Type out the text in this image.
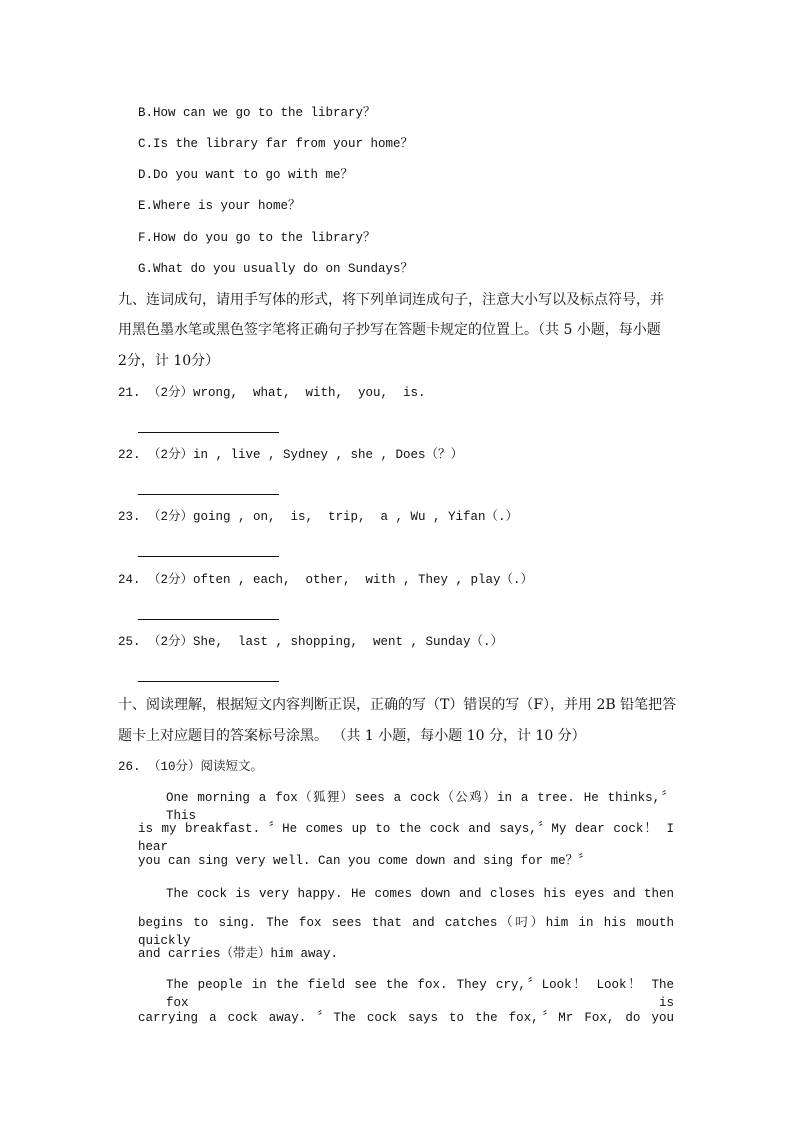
B.How can we go to the library？
C.Is the library far from your home？
D.Do you want to go with me？
E.Where is your home？
F.How do you go to the library？
G.What do you usually do on Sundays？
九、连词成句，请用手写体的形式，将下列单词连成句子，注意大小写以及标点符号，并
用黑色墨水笔或黑色签字笔将正确句子抄写在答题卡规定的位置上。（共 5 小题，每小题
2分，计 10分）
21. （2分）wrong,  what,  with,  you,  is.
22. （2分）in , live , Sydney , she , Does（？）
23. （2分）going , on,  is,  trip,  a , Wu , Yifan（.）
24. （2分）often , each,  other,  with , They , play（.）
25. （2分）She,  last , shopping,  went , Sunday（.）
十、阅读理解，根据短文内容判断正误，正确的写（T）错误的写（F），并用 2B 铅笔把答
题卡上对应题目的答案标号涂黑。 （共 1 小题，每小题 10 分，计 10 分）
26. （10分）阅读短文。
One morning a fox（狐狸）sees a cock（公鸡）in a tree. He thinks,〞This
is my breakfast. 〞He comes up to the cock and says,〞My dear cock！ I hear
you can sing very well. Can you come down and sing for me？〞
The cock is very happy. He comes down and closes his eyes and then
begins to sing. The fox sees that and catches（叼）him in his mouth quickly
and carries（带走）him away.
The people in the field see the fox. They cry,〞Look！ Look！ The fox is
carrying a cock away. 〞The cock says to the fox,〞Mr Fox, do you
